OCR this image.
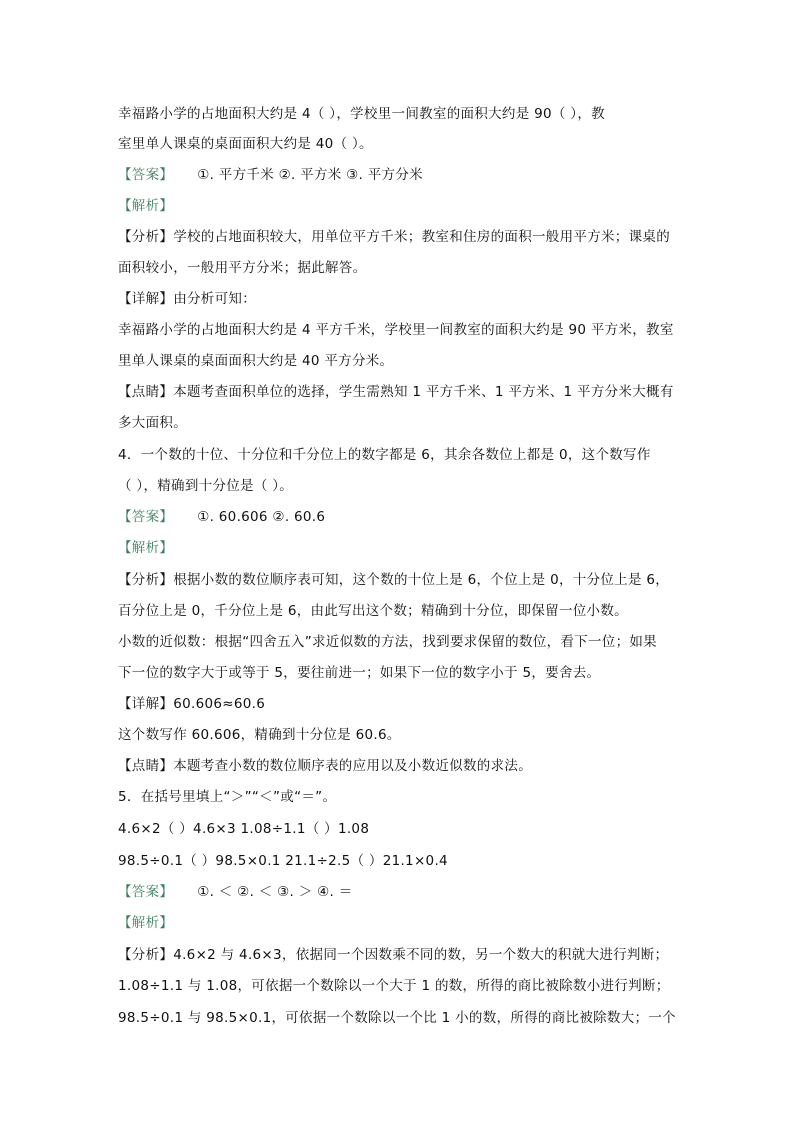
幸福路小学的占地面积大约是 4（ ），学校里一间教室的面积大约是 90（ ），教
室里单人课桌的桌面面积大约是 40（ ）。
【答案】 ①. 平方千米 ②. 平方米 ③. 平方分米
【解析】
【分析】学校的占地面积较大，用单位平方千米；教室和住房的面积一般用平方米；课桌的
面积较小，一般用平方分米；据此解答。
【详解】由分析可知：
幸福路小学的占地面积大约是 4 平方千米，学校里一间教室的面积大约是 90 平方米，教室
里单人课桌的桌面面积大约是 40 平方分米。
【点睛】本题考查面积单位的选择，学生需熟知 1 平方千米、1 平方米、1 平方分米大概有
多大面积。
4．一个数的十位、十分位和千分位上的数字都是 6，其余各数位上都是 0，这个数写作
（ ），精确到十分位是（ ）。
【答案】 ①. 60.606 ②. 60.6
【解析】
【分析】根据小数的数位顺序表可知，这个数的十位上是 6，个位上是 0，十分位上是 6，
百分位上是 0，千分位上是 6，由此写出这个数；精确到十分位，即保留一位小数。
小数的近似数：根据“四舍五入”求近似数的方法，找到要求保留的数位，看下一位；如果
下一位的数字大于或等于 5，要往前进一；如果下一位的数字小于 5，要舍去。
【详解】60.606≈60.6
这个数写作 60.606，精确到十分位是 60.6。
【点睛】本题考查小数的数位顺序表的应用以及小数近似数的求法。
5．在括号里填上“＞”“＜”或“＝”。
4.6×2（ ）4.6×3 1.08÷1.1（ ）1.08
98.5÷0.1（ ）98.5×0.1 21.1÷2.5（ ）21.1×0.4
【答案】 ①. ＜ ②. ＜ ③. ＞ ④. ＝
【解析】
【分析】4.6×2 与 4.6×3，依据同一个因数乘不同的数，另一个数大的积就大进行判断；
1.08÷1.1 与 1.08，可依据一个数除以一个大于 1 的数，所得的商比被除数小进行判断；
98.5÷0.1 与 98.5×0.1，可依据一个数除以一个比 1 小的数，所得的商比被除数大；一个
